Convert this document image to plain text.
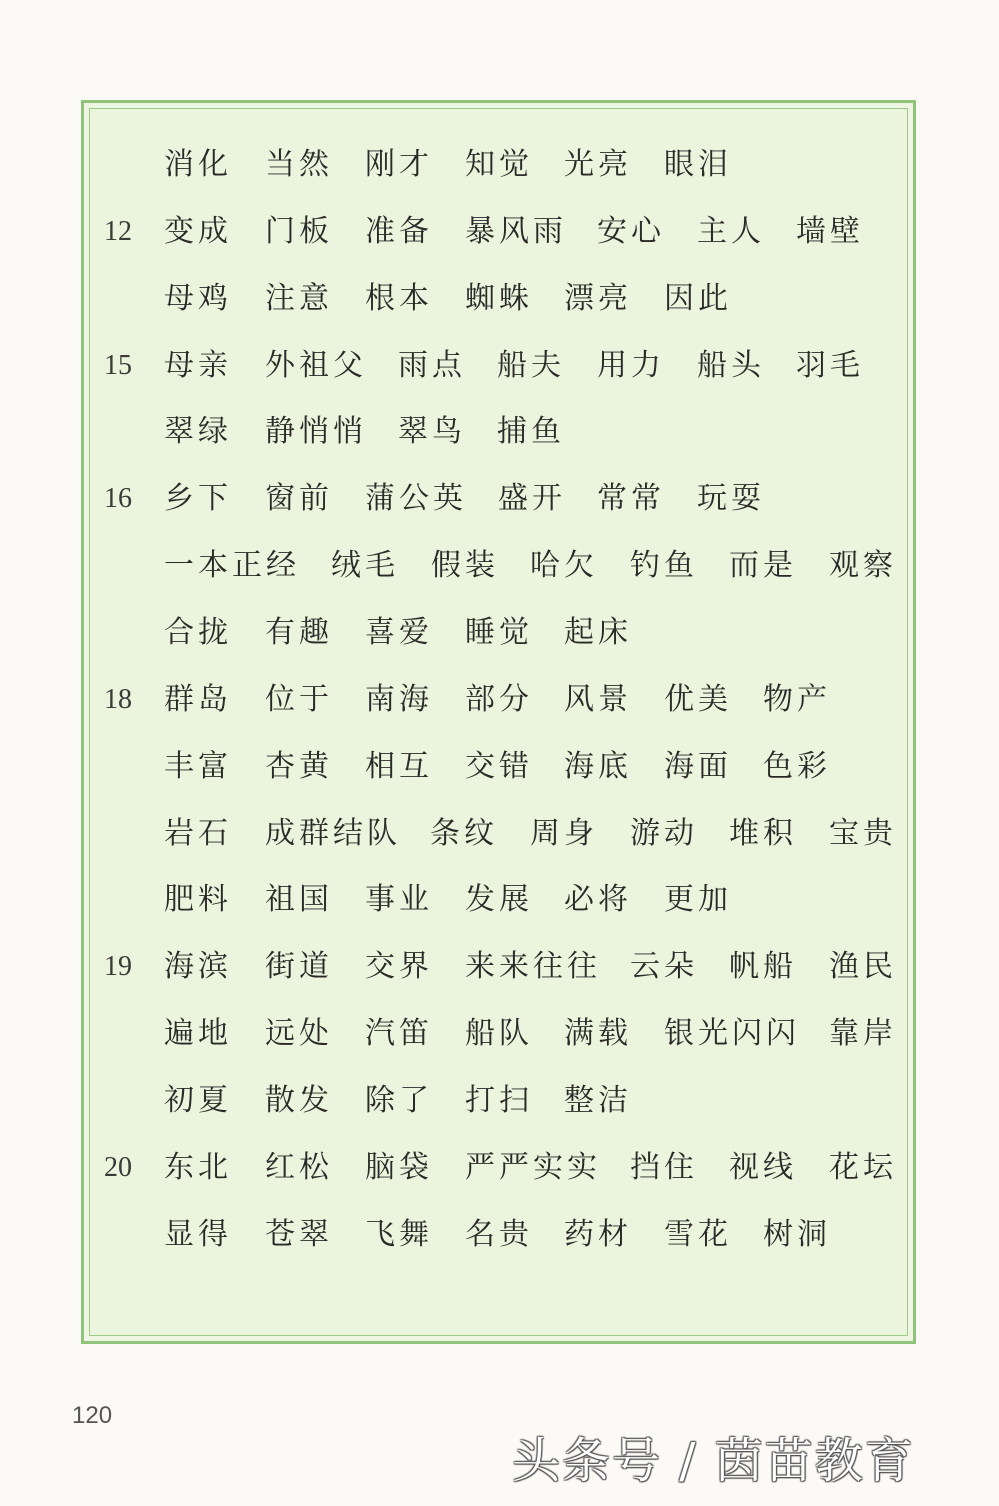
消化 当然 刚才 知觉 光亮 眼泪
12	变成 门板 准备 暴风雨 安心 主人 墙壁
母鸡 注意 根本 蜘蛛 漂亮 因此
15	母亲 外祖父 雨点 船夫 用力 船头 羽毛
翠绿 静悄悄 翠鸟 捕鱼
16	乡下 窗前 蒲公英 盛开 常常 玩耍
一本正经 绒毛 假装 哈欠 钓鱼 而是 观察
合拢 有趣 喜爱 睡觉 起床
18	群岛 位于 南海 部分 风景 优美 物产
丰富 杏黄 相互 交错 海底 海面 色彩
岩石 成群结队 条纹 周身 游动 堆积 宝贵
肥料 祖国 事业 发展 必将 更加
19	海滨 街道 交界 来来往往 云朵 帆船 渔民
遍地 远处 汽笛 船队 满载 银光闪闪 靠岸
初夏 散发 除了 打扫 整洁
20	东北 红松 脑袋 严严实实 挡住 视线 花坛
显得 苍翠 飞舞 名贵 药材 雪花 树洞
120
头条号 / 茵苗教育
